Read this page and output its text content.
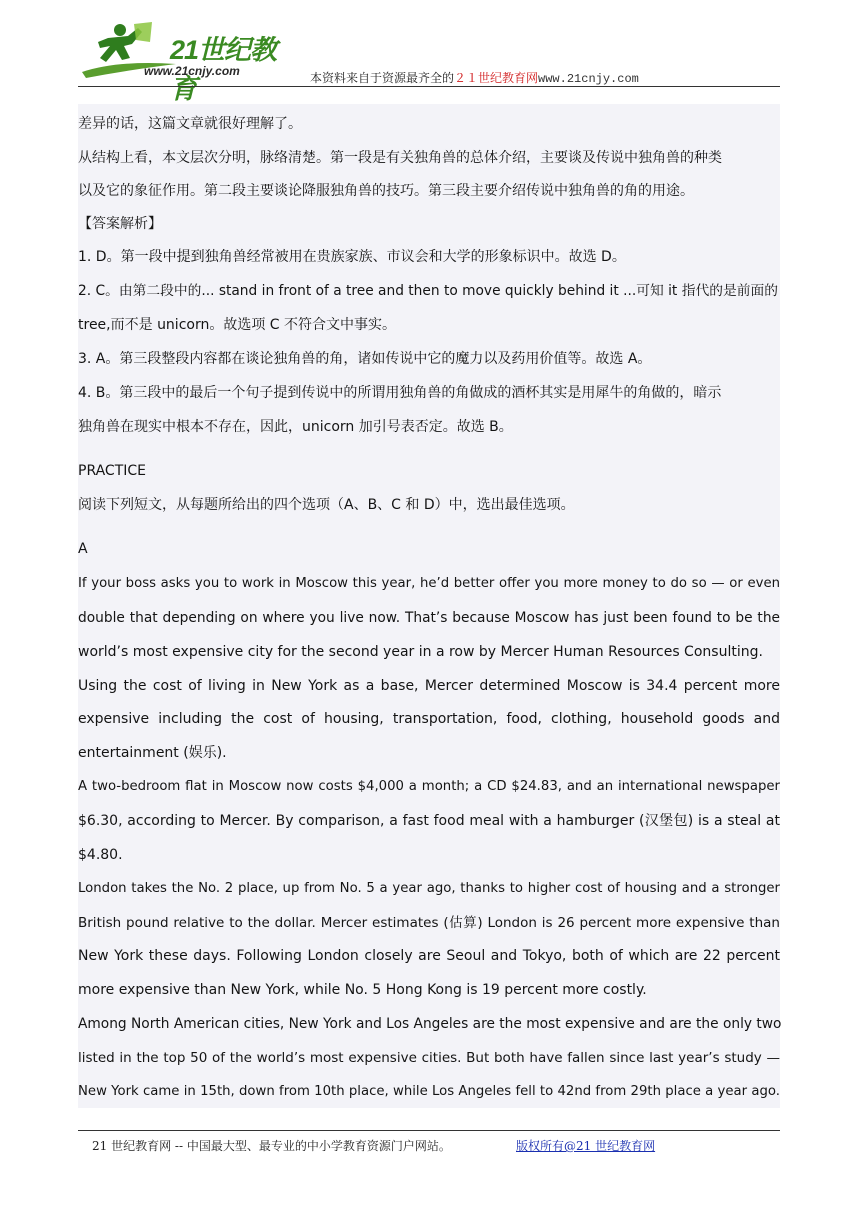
21世纪教育
www.21cnjy.com	本资料来自于资源最齐全的２１世纪教育网www.21cnjy.com
差异的话，这篇文章就很好理解了。
从结构上看，本文层次分明，脉络清楚。第一段是有关独角兽的总体介绍，主要谈及传说中独角兽的种类
以及它的象征作用。第二段主要谈论降服独角兽的技巧。第三段主要介绍传说中独角兽的角的用途。
【答案解析】
1. D。第一段中提到独角兽经常被用在贵族家族、市议会和大学的形象标识中。故选 D。
2. C。由第二段中的... stand in front of a tree and then to move quickly behind it ...可知 it 指代的是前面的
tree,而不是 unicorn。故选项 C 不符合文中事实。
3. A。第三段整段内容都在谈论独角兽的角，诸如传说中它的魔力以及药用价值等。故选 A。
4. B。第三段中的最后一个句子提到传说中的所谓用独角兽的角做成的酒杯其实是用犀牛的角做的，暗示
独角兽在现实中根本不存在，因此，unicorn 加引号表否定。故选 B。
PRACTICE
阅读下列短文，从每题所给出的四个选项（A、B、C 和 D）中，选出最佳选项。
A
If your boss asks you to work in Moscow this year, he’d better offer you more money to do so — or even
double that depending on where you live now. That’s because Moscow has just been found to be the
world’s most expensive city for the second year in a row by Mercer Human Resources Consulting.
Using the cost of living in New York as a base, Mercer determined Moscow is 34.4 percent more
expensive including the cost of housing, transportation, food, clothing, household goods and
entertainment (娱乐).
A two-bedroom flat in Moscow now costs $4,000 a month; a CD $24.83, and an international newspaper
$6.30, according to Mercer. By comparison, a fast food meal with a hamburger (汉堡包) is a steal at
$4.80.
London takes the No. 2 place, up from No. 5 a year ago, thanks to higher cost of housing and a stronger
British pound relative to the dollar. Mercer estimates (估算) London is 26 percent more expensive than
New York these days. Following London closely are Seoul and Tokyo, both of which are 22 percent
more expensive than New York, while No. 5 Hong Kong is 19 percent more costly.
Among North American cities, New York and Los Angeles are the most expensive and are the only two
listed in the top 50 of the world’s most expensive cities. But both have fallen since last year’s study —
New York came in 15th, down from 10th place, while Los Angeles fell to 42nd from 29th place a year ago.
21 世纪教育网 -- 中国最大型、最专业的中小学教育资源门户网站。	版权所有@21 世纪教育网
